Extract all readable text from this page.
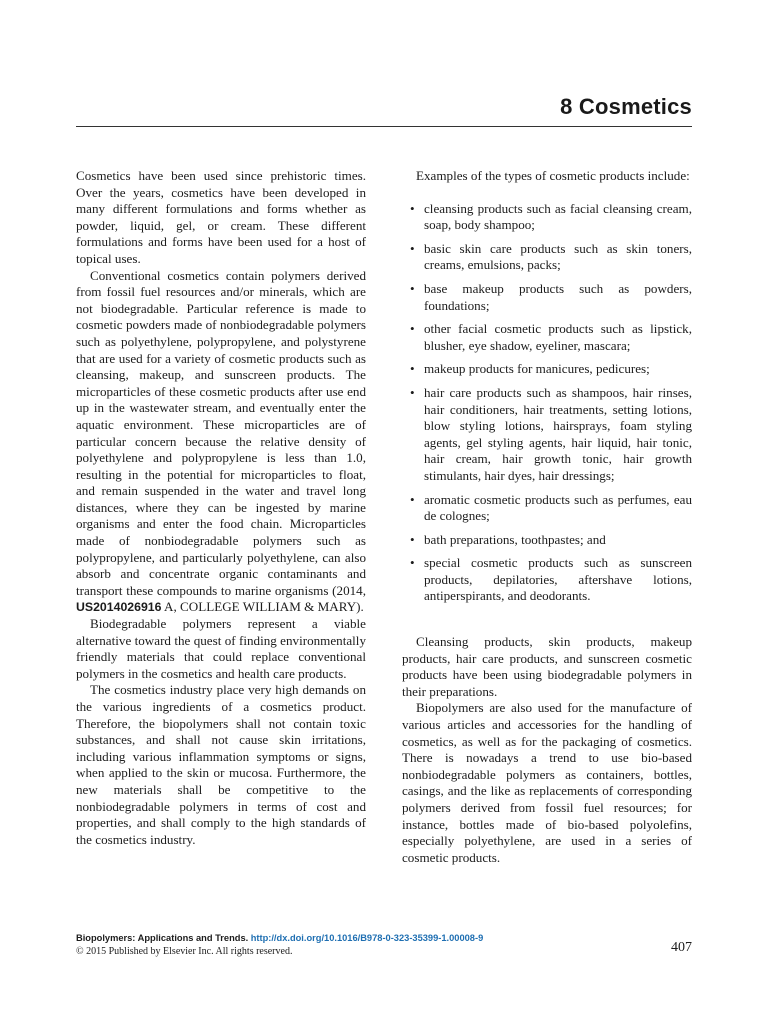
8 Cosmetics

Cosmetics have been used since prehistoric times. Over the years, cosmetics have been developed in many different formulations and forms whether as powder, liquid, gel, or cream. These different formulations and forms have been used for a host of topical uses.

Conventional cosmetics contain polymers derived from fossil fuel resources and/or minerals, which are not biodegradable. Particular reference is made to cosmetic powders made of nonbiodegradable polymers such as polyethylene, polypropylene, and polystyrene that are used for a variety of cosmetic products such as cleansing, makeup, and sunscreen products. The microparticles of these cosmetic products after use end up in the wastewater stream, and eventually enter the aquatic environment. These microparticles are of particular concern because the relative density of polyethylene and polypropylene is less than 1.0, resulting in the potential for microparticles to float, and remain suspended in the water and travel long distances, where they can be ingested by marine organisms and enter the food chain. Microparticles made of nonbiodegradable polymers such as polypropylene, and particularly polyethylene, can also absorb and concentrate organic contaminants and transport these compounds to marine organisms (2014, US2014026916 A, COLLEGE WILLIAM & MARY).

Biodegradable polymers represent a viable alternative toward the quest of finding environmentally friendly materials that could replace conventional polymers in the cosmetics and health care products.

The cosmetics industry place very high demands on the various ingredients of a cosmetics product. Therefore, the biopolymers shall not contain toxic substances, and shall not cause skin irritations, including various inflammation symptoms or signs, when applied to the skin or mucosa. Furthermore, the new materials shall be competitive to the nonbiodegradable polymers in terms of cost and properties, and shall comply to the high standards of the cosmetics industry.

Examples of the types of cosmetic products include:

• cleansing products such as facial cleansing cream, soap, body shampoo;
• basic skin care products such as skin toners, creams, emulsions, packs;
• base makeup products such as powders, foundations;
• other facial cosmetic products such as lipstick, blusher, eye shadow, eyeliner, mascara;
• makeup products for manicures, pedicures;
• hair care products such as shampoos, hair rinses, hair conditioners, hair treatments, setting lotions, blow styling lotions, hairsprays, foam styling agents, gel styling agents, hair liquid, hair tonic, hair cream, hair growth tonic, hair growth stimulants, hair dyes, hair dressings;
• aromatic cosmetic products such as perfumes, eau de colognes;
• bath preparations, toothpastes; and
• special cosmetic products such as sunscreen products, depilatories, aftershave lotions, antiperspirants, and deodorants.

Cleansing products, skin products, makeup products, hair care products, and sunscreen cosmetic products have been using biodegradable polymers in their preparations.

Biopolymers are also used for the manufacture of various articles and accessories for the handling of cosmetics, as well as for the packaging of cosmetics. There is nowadays a trend to use bio-based nonbiodegradable polymers as containers, bottles, casings, and the like as replacements of corresponding polymers derived from fossil fuel resources; for instance, bottles made of bio-based polyolefins, especially polyethylene, are used in a series of cosmetic products.

Biopolymers: Applications and Trends. http://dx.doi.org/10.1016/B978-0-323-35399-1.00008-9
© 2015 Published by Elsevier Inc. All rights reserved.	407
